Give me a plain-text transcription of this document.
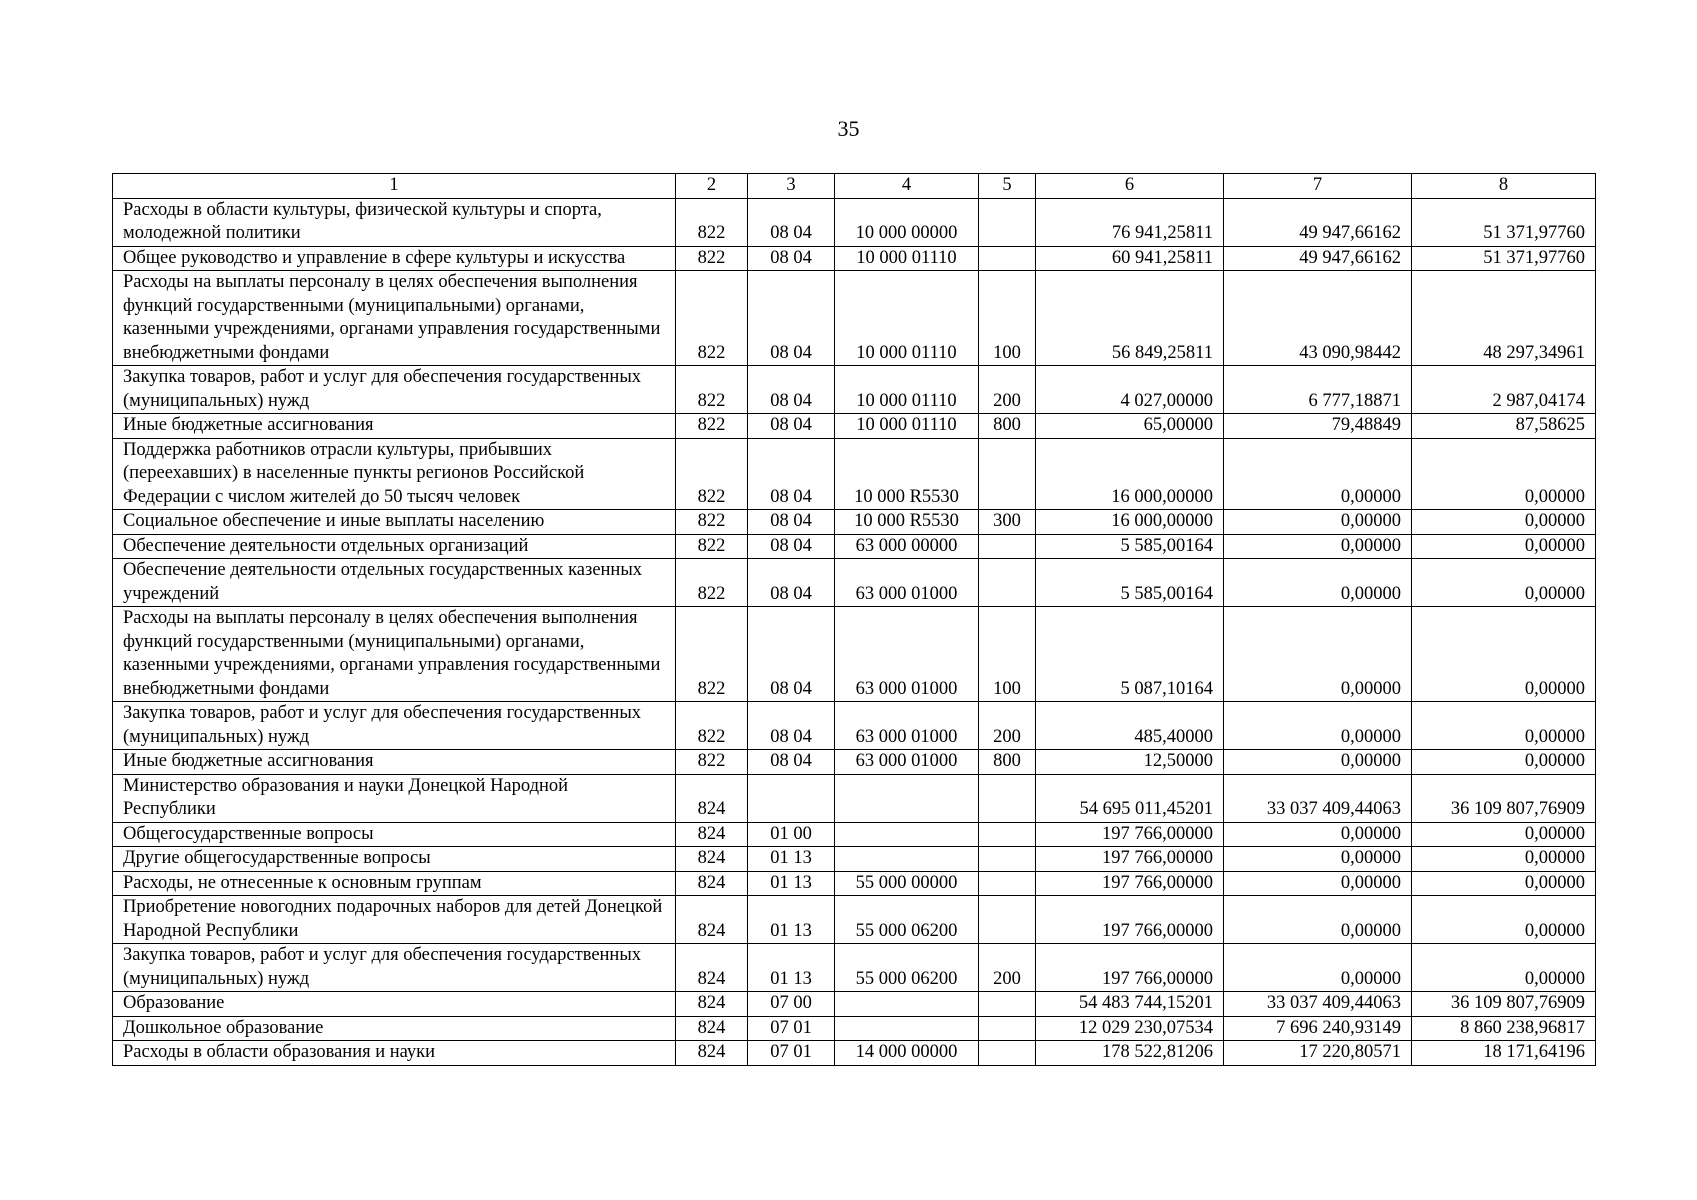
35
1	2	3	4	5	6	7	8
Расходы в области культуры, физической культуры и спорта, молодежной политики	822	08 04	10 000 00000		76 941,25811	49 947,66162	51 371,97760
Общее руководство и управление в сфере культуры и искусства	822	08 04	10 000 01110		60 941,25811	49 947,66162	51 371,97760
Расходы на выплаты персоналу в целях обеспечения выполнения функций государственными (муниципальными) органами, казенными учреждениями, органами управления государственными внебюджетными фондами	822	08 04	10 000 01110	100	56 849,25811	43 090,98442	48 297,34961
Закупка товаров, работ и услуг для обеспечения государственных (муниципальных) нужд	822	08 04	10 000 01110	200	4 027,00000	6 777,18871	2 987,04174
Иные бюджетные ассигнования	822	08 04	10 000 01110	800	65,00000	79,48849	87,58625
Поддержка работников отрасли культуры, прибывших (переехавших) в населенные пункты регионов Российской Федерации с числом жителей до 50 тысяч человек	822	08 04	10 000 R5530		16 000,00000	0,00000	0,00000
Социальное обеспечение и иные выплаты населению	822	08 04	10 000 R5530	300	16 000,00000	0,00000	0,00000
Обеспечение деятельности отдельных организаций	822	08 04	63 000 00000		5 585,00164	0,00000	0,00000
Обеспечение деятельности отдельных государственных казенных учреждений	822	08 04	63 000 01000		5 585,00164	0,00000	0,00000
Расходы на выплаты персоналу в целях обеспечения выполнения функций государственными (муниципальными) органами, казенными учреждениями, органами управления государственными внебюджетными фондами	822	08 04	63 000 01000	100	5 087,10164	0,00000	0,00000
Закупка товаров, работ и услуг для обеспечения государственных (муниципальных) нужд	822	08 04	63 000 01000	200	485,40000	0,00000	0,00000
Иные бюджетные ассигнования	822	08 04	63 000 01000	800	12,50000	0,00000	0,00000
Министерство образования и науки Донецкой Народной Республики	824				54 695 011,45201	33 037 409,44063	36 109 807,76909
Общегосударственные вопросы	824	01 00			197 766,00000	0,00000	0,00000
Другие общегосударственные вопросы	824	01 13			197 766,00000	0,00000	0,00000
Расходы, не отнесенные к основным группам	824	01 13	55 000 00000		197 766,00000	0,00000	0,00000
Приобретение новогодних подарочных наборов для детей Донецкой Народной Республики	824	01 13	55 000 06200		197 766,00000	0,00000	0,00000
Закупка товаров, работ и услуг для обеспечения государственных (муниципальных) нужд	824	01 13	55 000 06200	200	197 766,00000	0,00000	0,00000
Образование	824	07 00			54 483 744,15201	33 037 409,44063	36 109 807,76909
Дошкольное образование	824	07 01			12 029 230,07534	7 696 240,93149	8 860 238,96817
Расходы в области образования и науки	824	07 01	14 000 00000		178 522,81206	17 220,80571	18 171,64196
